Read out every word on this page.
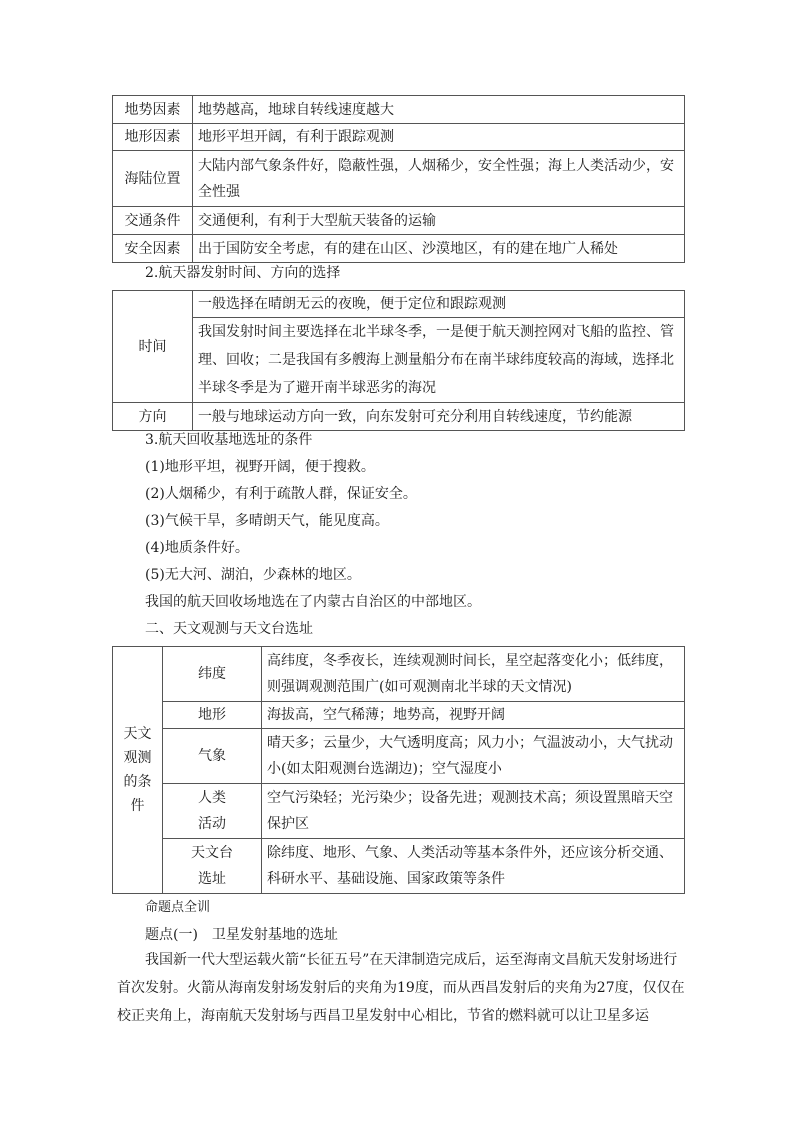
地势因素	地势越高，地球自转线速度越大
地形因素	地形平坦开阔，有利于跟踪观测
海陆位置	大陆内部气象条件好，隐蔽性强，人烟稀少，安全性强；海上人类活动少，安全性强
交通条件	交通便利，有利于大型航天装备的运输
安全因素	出于国防安全考虑，有的建在山区、沙漠地区，有的建在地广人稀处
2.航天器发射时间、方向的选择
时间	一般选择在晴朗无云的夜晚，便于定位和跟踪观测
	我国发射时间主要选择在北半球冬季，一是便于航天测控网对飞船的监控、管理、回收；二是我国有多艘海上测量船分布在南半球纬度较高的海域，选择北半球冬季是为了避开南半球恶劣的海况
方向	一般与地球运动方向一致，向东发射可充分利用自转线速度，节约能源
3.航天回收基地选址的条件
(1)地形平坦，视野开阔，便于搜救。
(2)人烟稀少，有利于疏散人群，保证安全。
(3)气候干旱，多晴朗天气，能见度高。
(4)地质条件好。
(5)无大河、湖泊，少森林的地区。
我国的航天回收场地选在了内蒙古自治区的中部地区。
二、天文观测与天文台选址
天文观测的条件	纬度	高纬度，冬季夜长，连续观测时间长，星空起落变化小；低纬度，则强调观测范围广(如可观测南北半球的天文情况)
	地形	海拔高，空气稀薄；地势高，视野开阔
	气象	晴天多；云量少，大气透明度高；风力小；气温波动小，大气扰动小(如太阳观测台选湖边)；空气湿度小
	人类活动	空气污染轻；光污染少；设备先进；观测技术高；须设置黑暗天空保护区
	天文台选址	除纬度、地形、气象、人类活动等基本条件外，还应该分析交通、科研水平、基础设施、国家政策等条件
命题点全训
题点(一)　卫星发射基地的选址
我国新一代大型运载火箭“长征五号”在天津制造完成后，运至海南文昌航天发射场进行首次发射。火箭从海南发射场发射后的夹角为19度，而从西昌发射后的夹角为27度，仅仅在校正夹角上，海南航天发射场与西昌卫星发射中心相比，节省的燃料就可以让卫星多运
